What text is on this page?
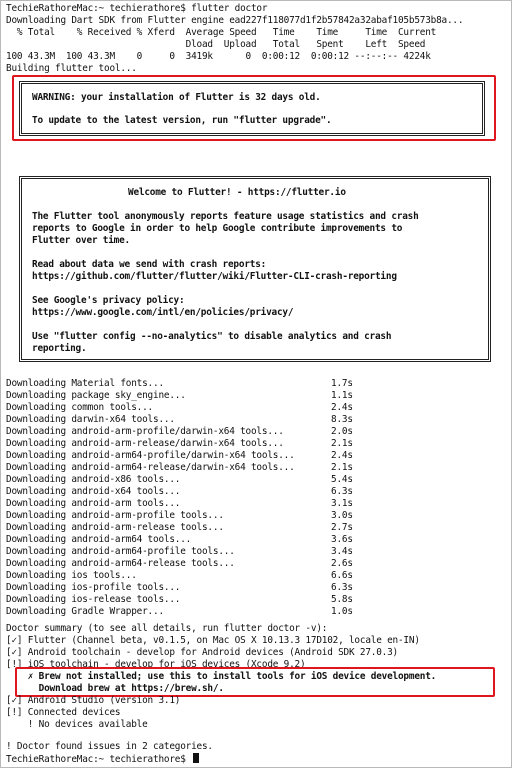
TechieRathoreMac:~ techierathore$ flutter doctor
Downloading Dart SDK from Flutter engine ead227f118077d1f2b57842a32abaf105b573b8a...
% Total    % Received % Xferd  Average Speed   Time    Time     Time  Current
Dload  Upload   Total   Spent    Left  Speed
100 43.3M  100 43.3M    0     0  3419k      0  0:00:12  0:00:12 --:--:-- 4224k
Building flutter tool...
WARNING: your installation of Flutter is 32 days old.
To update to the latest version, run "flutter upgrade".
Welcome to Flutter! - https://flutter.io
The Flutter tool anonymously reports feature usage statistics and crash
reports to Google in order to help Google contribute improvements to
Flutter over time.
Read about data we send with crash reports:
https://github.com/flutter/flutter/wiki/Flutter-CLI-crash-reporting
See Google's privacy policy:
https://www.google.com/intl/en/policies/privacy/
Use "flutter config --no-analytics" to disable analytics and crash
reporting.
Downloading Material fonts...	1.7s
Downloading package sky_engine...	1.1s
Downloading common tools...	2.4s
Downloading darwin-x64 tools...	8.3s
Downloading android-arm-profile/darwin-x64 tools...	2.0s
Downloading android-arm-release/darwin-x64 tools...	2.1s
Downloading android-arm64-profile/darwin-x64 tools...	2.4s
Downloading android-arm64-release/darwin-x64 tools...	2.1s
Downloading android-x86 tools...	5.4s
Downloading android-x64 tools...	6.3s
Downloading android-arm tools...	3.1s
Downloading android-arm-profile tools...	3.0s
Downloading android-arm-release tools...	2.7s
Downloading android-arm64 tools...	3.6s
Downloading android-arm64-profile tools...	3.4s
Downloading android-arm64-release tools...	2.6s
Downloading ios tools...	6.6s
Downloading ios-profile tools...	6.3s
Downloading ios-release tools...	5.8s
Downloading Gradle Wrapper...	1.0s
Doctor summary (to see all details, run flutter doctor -v):
[✓] Flutter (Channel beta, v0.1.5, on Mac OS X 10.13.3 17D102, locale en-IN)
[✓] Android toolchain - develop for Android devices (Android SDK 27.0.3)
[!] iOS toolchain - develop for iOS devices (Xcode 9.2)
✗ Brew not installed; use this to install tools for iOS device development.
Download brew at https://brew.sh/.
[✓] Android Studio (version 3.1)
[!] Connected devices
! No devices available
! Doctor found issues in 2 categories.
TechieRathoreMac:~ techierathore$
